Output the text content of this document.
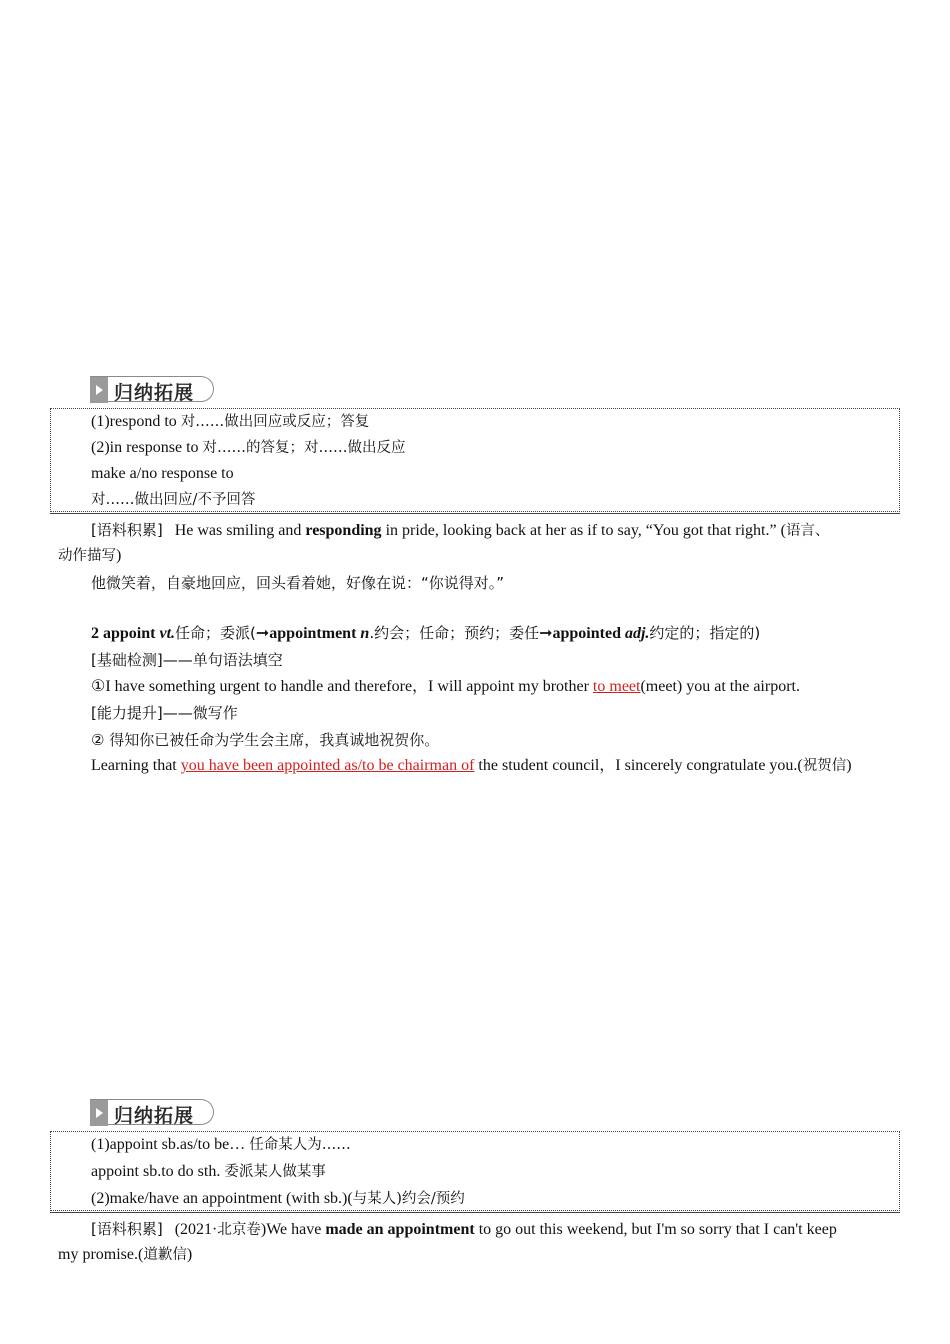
归纳拓展
(1)respond to 对……做出回应或反应；答复
(2)in response to 对……的答复；对……做出反应
make a/no response to
对……做出回应/不予回答
[语料积累] He was smiling and responding in pride, looking back at her as if to say, “You got that right.” (语言、
动作描写)
他微笑着，自豪地回应，回头看着她，好像在说：“你说得对。”
2 appoint vt.任命；委派(➞appointment n.约会；任命；预约；委任➞appointed adj.约定的；指定的)
[基础检测]——单句语法填空
①I have something urgent to handle and therefore，I will appoint my brother to meet(meet) you at the airport.
[能力提升]——微写作
② 得知你已被任命为学生会主席，我真诚地祝贺你。
Learning that you have been appointed as/to be chairman of the student council，I sincerely congratulate you.(祝贺信)
归纳拓展
(1)appoint sb.as/to be… 任命某人为……
appoint sb.to do sth. 委派某人做某事
(2)make/have an appointment (with sb.)(与某人)约会/预约
[语料积累] (2021·北京卷)We have made an appointment to go out this weekend, but I'm so sorry that I can't keep
my promise.(道歉信)
